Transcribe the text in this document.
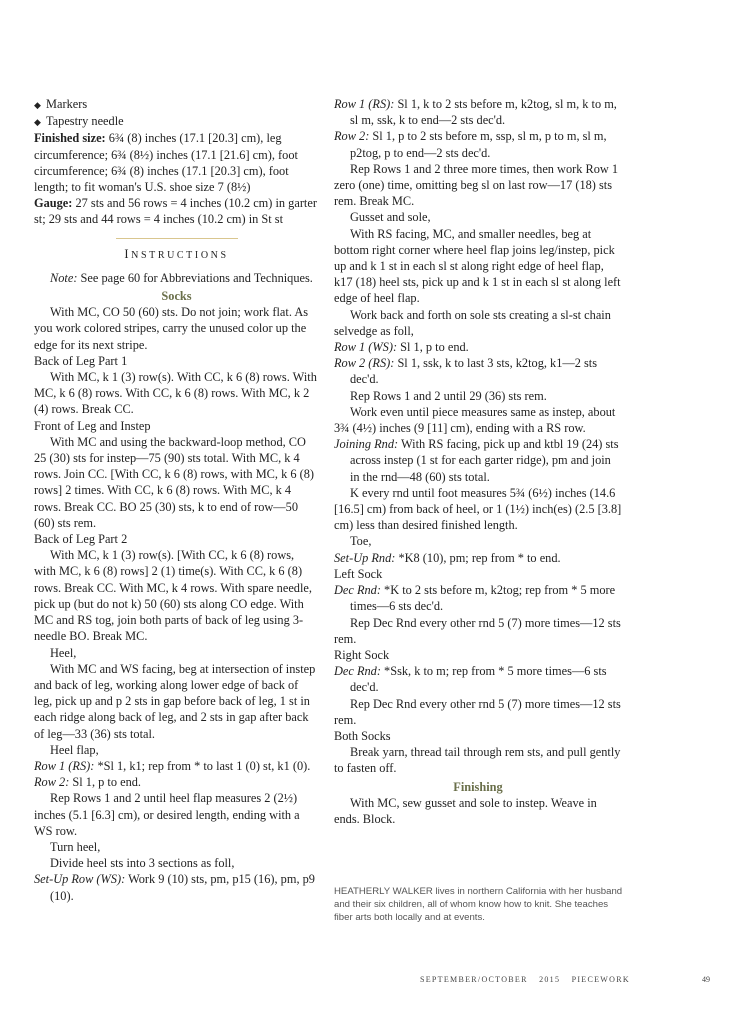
◆ Markers

◆ Tapestry needle

Finished size: 6¾ (8) inches (17.1 [20.3] cm), leg circumference; 6¾ (8½) inches (17.1 [21.6] cm), foot circumference; 6¾ (8) inches (17.1 [20.3] cm), foot length; to fit woman's U.S. shoe size 7 (8½)

Gauge: 27 sts and 56 rows = 4 inches (10.2 cm) in garter st; 29 sts and 44 rows = 4 inches (10.2 cm) in St st

INSTRUCTIONS

Note: See page 60 for Abbreviations and Techniques.

Socks

With MC, CO 50 (60) sts. Do not join; work flat. As you work colored stripes, carry the unused color up the edge for its next stripe.

Back of Leg Part 1

With MC, k 1 (3) row(s). With CC, k 6 (8) rows. With MC, k 6 (8) rows. With CC, k 6 (8) rows. With MC, k 2 (4) rows. Break CC.

Front of Leg and Instep

With MC and using the backward-loop method, CO 25 (30) sts for instep—75 (90) sts total. With MC, k 4 rows. Join CC. [With CC, k 6 (8) rows, with MC, k 6 (8) rows] 2 times. With CC, k 6 (8) rows. With MC, k 4 rows. Break CC. BO 25 (30) sts, k to end of row—50 (60) sts rem.

Back of Leg Part 2

With MC, k 1 (3) row(s). [With CC, k 6 (8) rows, with MC, k 6 (8) rows] 2 (1) time(s). With CC, k 6 (8) rows. Break CC. With MC, k 4 rows. With spare needle, pick up (but do not k) 50 (60) sts along CO edge. With MC and RS tog, join both parts of back of leg using 3-needle BO. Break MC.

Heel,

With MC and WS facing, beg at intersection of instep and back of leg, working along lower edge of back of leg, pick up and p 2 sts in gap before back of leg, 1 st in each ridge along back of leg, and 2 sts in gap after back of leg—33 (36) sts total.

Heel flap,

Row 1 (RS): *Sl 1, k1; rep from * to last 1 (0) st, k1 (0).

Row 2: Sl 1, p to end.

Rep Rows 1 and 2 until heel flap measures 2 (2½) inches (5.1 [6.3] cm), or desired length, ending with a WS row.

Turn heel,

Divide heel sts into 3 sections as foll,

Set-Up Row (WS): Work 9 (10) sts, pm, p15 (16), pm, p9 (10).

Row 1 (RS): Sl 1, k to 2 sts before m, k2tog, sl m, k to m, sl m, ssk, k to end—2 sts dec'd.

Row 2: Sl 1, p to 2 sts before m, ssp, sl m, p to m, sl m, p2tog, p to end—2 sts dec'd.

Rep Rows 1 and 2 three more times, then work Row 1 zero (one) time, omitting beg sl on last row—17 (18) sts rem. Break MC.

Gusset and sole,

With RS facing, MC, and smaller needles, beg at bottom right corner where heel flap joins leg/instep, pick up and k 1 st in each sl st along right edge of heel flap, k17 (18) heel sts, pick up and k 1 st in each sl st along left edge of heel flap.

Work back and forth on sole sts creating a sl-st chain selvedge as foll,

Row 1 (WS): Sl 1, p to end.

Row 2 (RS): Sl 1, ssk, k to last 3 sts, k2tog, k1—2 sts dec'd.

Rep Rows 1 and 2 until 29 (36) sts rem.

Work even until piece measures same as instep, about 3¾ (4½) inches (9 [11] cm), ending with a RS row.

Joining Rnd: With RS facing, pick up and ktbl 19 (24) sts across instep (1 st for each garter ridge), pm and join in the rnd—48 (60) sts total.

K every rnd until foot measures 5¾ (6½) inches (14.6 [16.5] cm) from back of heel, or 1 (1½) inch(es) (2.5 [3.8] cm) less than desired finished length.

Toe,

Set-Up Rnd: *K8 (10), pm; rep from * to end.

Left Sock

Dec Rnd: *K to 2 sts before m, k2tog; rep from * 5 more times—6 sts dec'd.

Rep Dec Rnd every other rnd 5 (7) more times—12 sts rem.

Right Sock

Dec Rnd: *Ssk, k to m; rep from * 5 more times—6 sts dec'd.

Rep Dec Rnd every other rnd 5 (7) more times—12 sts rem.

Both Socks

Break yarn, thread tail through rem sts, and pull gently to fasten off.

Finishing

With MC, sew gusset and sole to instep. Weave in ends. Block.

HEATHERLY WALKER lives in northern California with her husband and their six children, all of whom know how to knit. She teaches fiber arts both locally and at events.
SEPTEMBER/OCTOBER 2015 PIECEWORK	49
